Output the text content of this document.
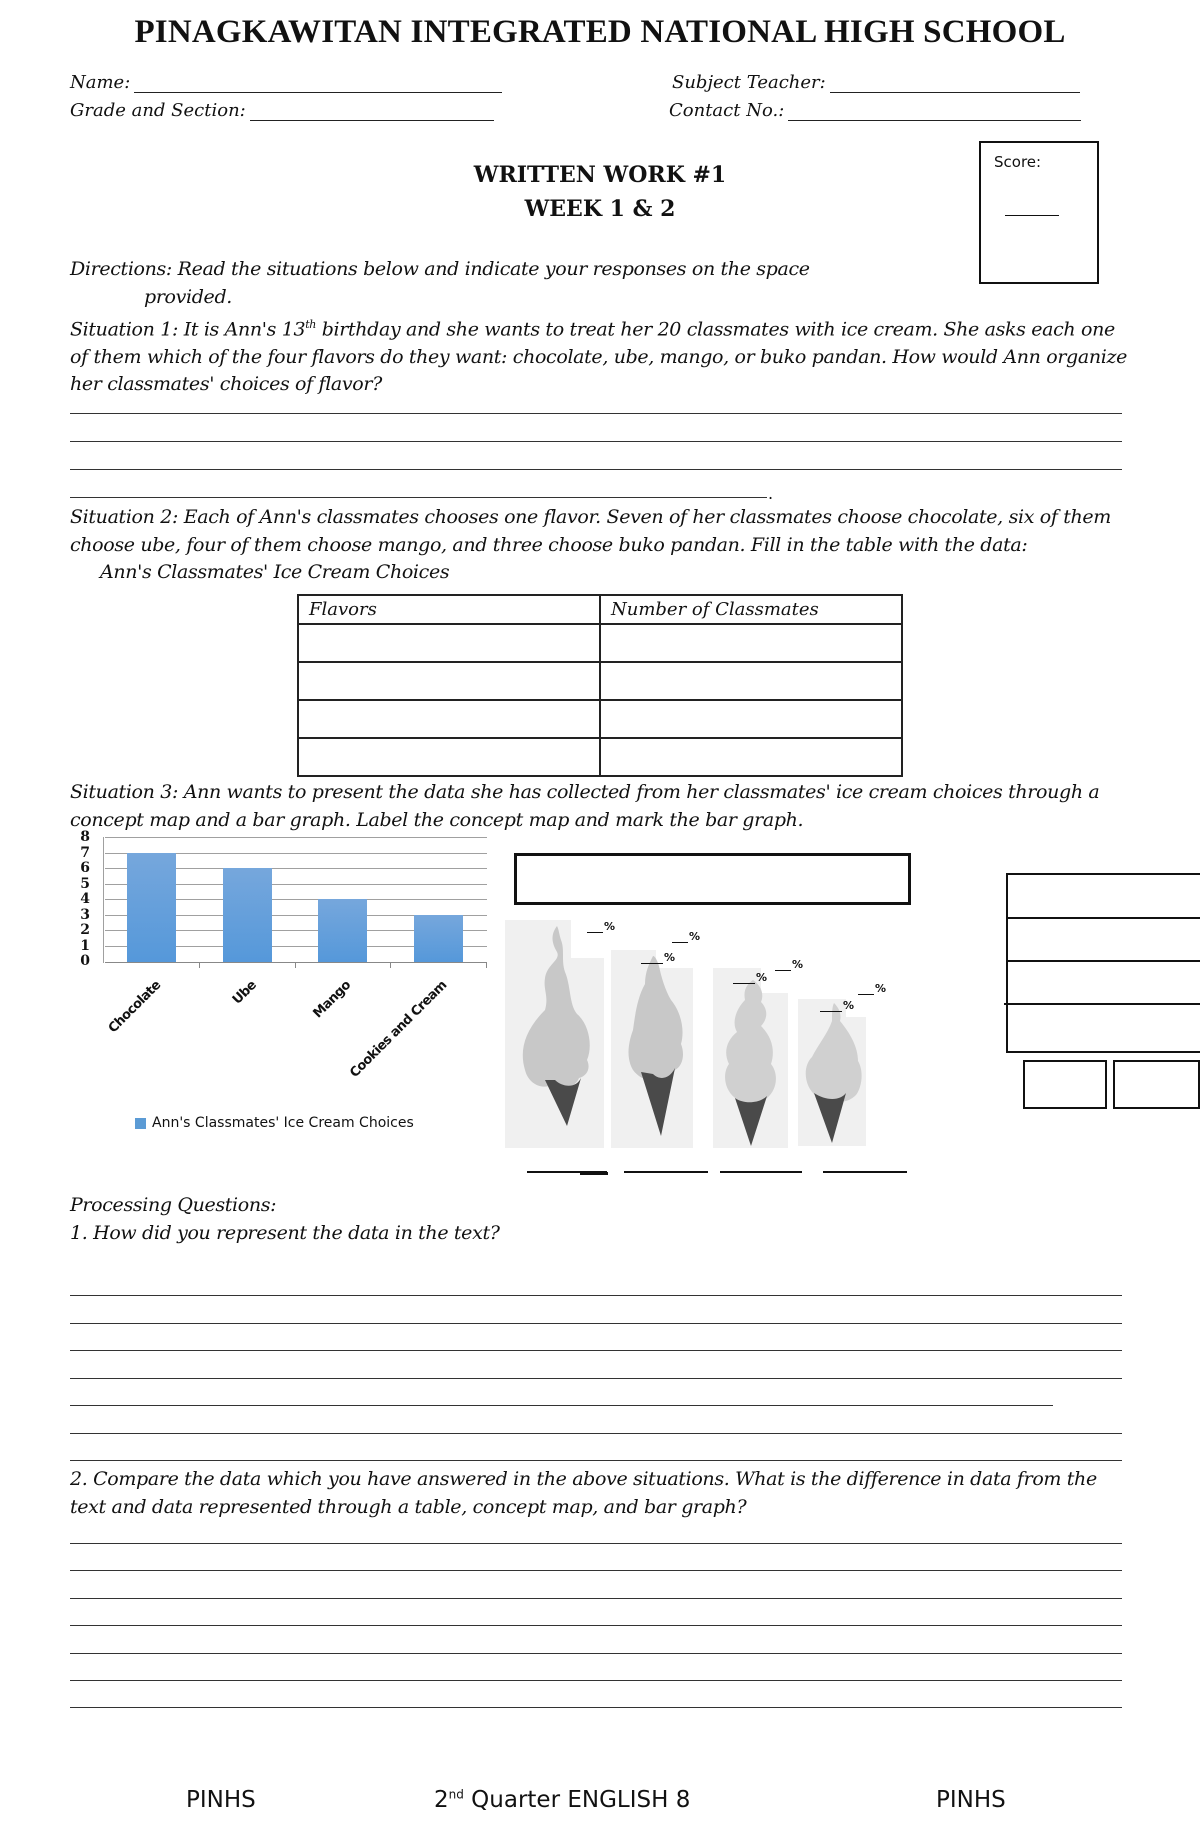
PINAGKAWITAN INTEGRATED NATIONAL HIGH SCHOOL
Name:
Grade and Section:
Subject Teacher:
Contact No.:
WRITTEN WORK #1
WEEK 1 & 2
Score:
Directions: Read the situations below and indicate your responses on the space
provided.
Situation 1: It is Ann's 13th birthday and she wants to treat her 20 classmates with ice cream. She asks each one of them which of the four flavors do they want: chocolate, ube, mango, or buko pandan. How would Ann organize her classmates' choices of flavor?
.
Situation 2: Each of Ann's classmates chooses one flavor. Seven of her classmates choose chocolate, six of them choose ube, four of them choose mango, and three choose buko pandan. Fill in the table with the data:
Ann's Classmates' Ice Cream Choices
Flavors	Number of Classmates

Situation 3: Ann wants to present the data she has collected from her classmates' ice cream choices through a concept map and a bar graph. Label the concept map and mark the bar graph.
8
7
6
5
4
3
2
1
0
Chocolate	Ube	Mango
Cookies and Cream
Ann's Classmates' Ice Cream Choices
%
%
%
%
%
%
%
Processing Questions:
1. How did you represent the data in the text?
2. Compare the data which you have answered in the above situations. What is the difference in data from the text and data represented through a table, concept map, and bar graph?
PINHS	2nd Quarter ENGLISH 8	PINHS
